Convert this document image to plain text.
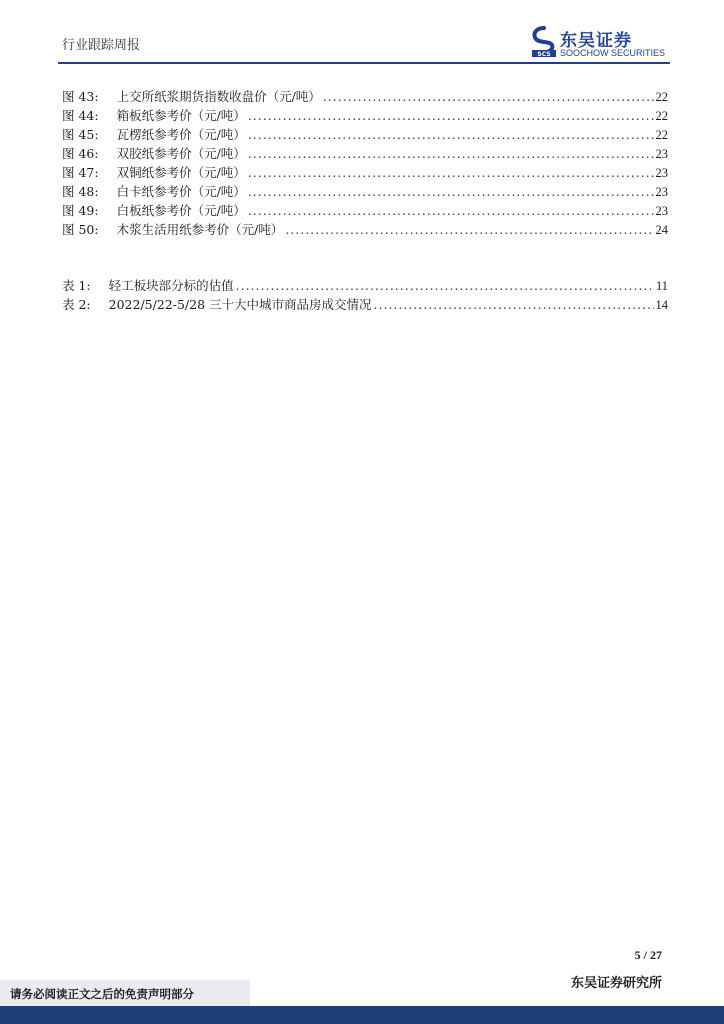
行业跟踪周报
SCS
东吴证券
SOOCHOW SECURITIES
图 43:	上交所纸浆期货指数收盘价（元/吨） .....	22
图 44:	箱板纸参考价（元/吨） .....	22
图 45:	瓦楞纸参考价（元/吨） .....	22
图 46:	双胶纸参考价（元/吨） .....	23
图 47:	双铜纸参考价（元/吨） .....	23
图 48:	白卡纸参考价（元/吨） .....	23
图 49:	白板纸参考价（元/吨） .....	23
图 50:	木浆生活用纸参考价（元/吨） .....	24
表 1:	轻工板块部分标的估值 .....	11
表 2:	2022/5/22-5/28 三十大中城市商品房成交情况 .....	14
5 / 27
东吴证券研究所
请务必阅读正文之后的免责声明部分
